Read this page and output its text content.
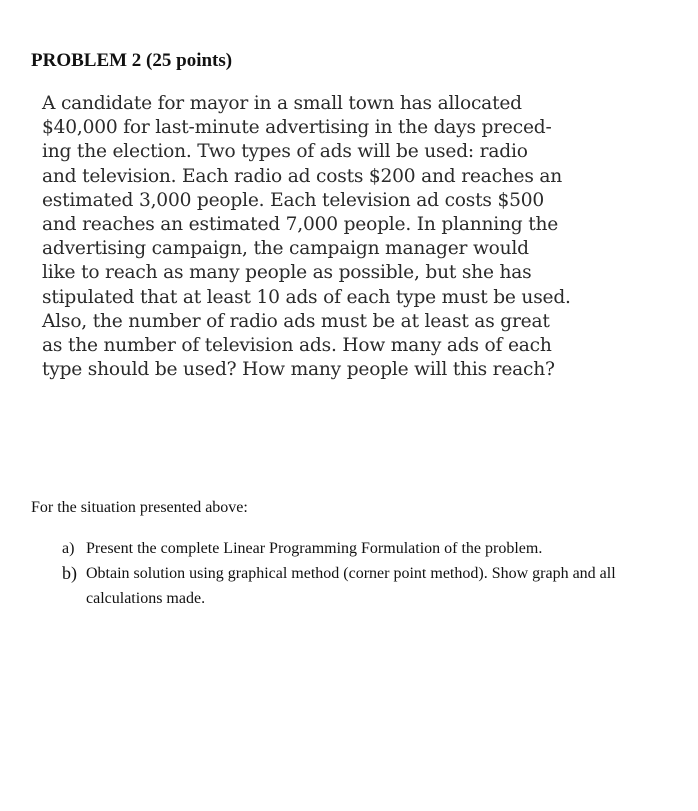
PROBLEM 2 (25 points)

A candidate for mayor in a small town has allocated
$40,000 for last-minute advertising in the days preced-
ing the election. Two types of ads will be used: radio
and television. Each radio ad costs $200 and reaches an
estimated 3,000 people. Each television ad costs $500
and reaches an estimated 7,000 people. In planning the
advertising campaign, the campaign manager would
like to reach as many people as possible, but she has
stipulated that at least 10 ads of each type must be used.
Also, the number of radio ads must be at least as great
as the number of television ads. How many ads of each
type should be used? How many people will this reach?

For the situation presented above:

a) Present the complete Linear Programming Formulation of the problem.
b) Obtain solution using graphical method (corner point method). Show graph and all calculations made.
